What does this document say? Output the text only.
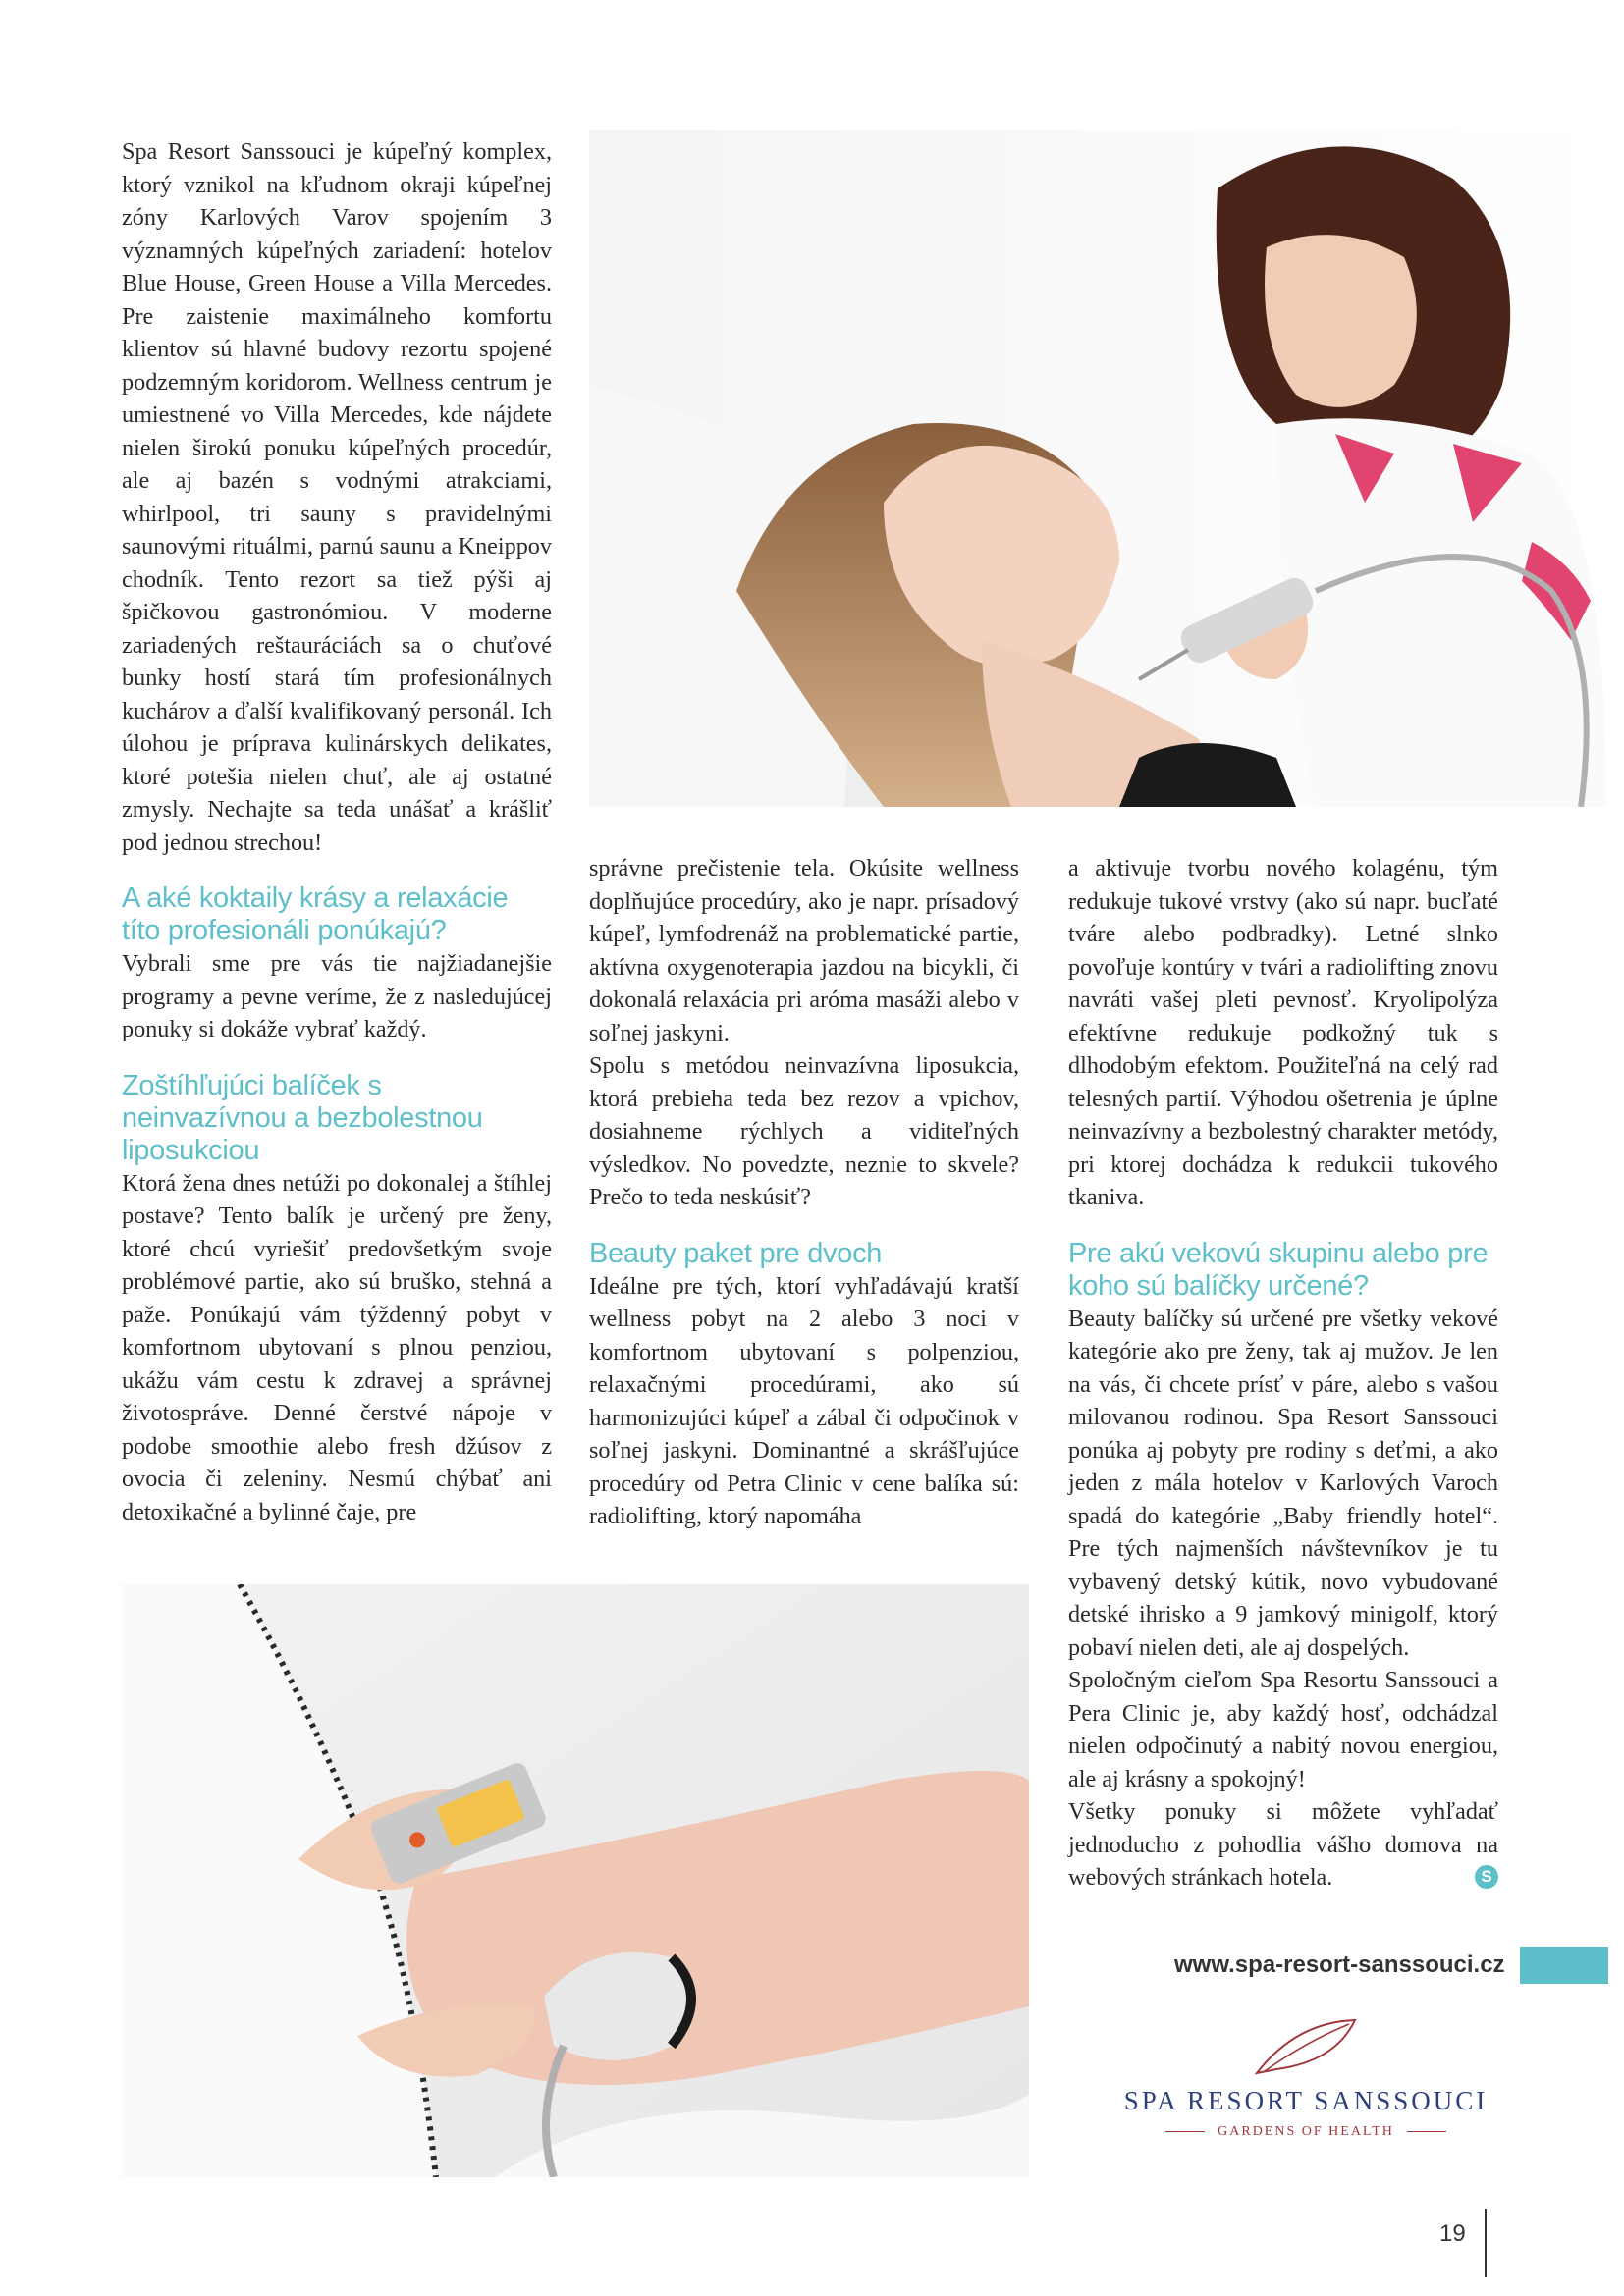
Spa Resort Sanssouci je kúpeľný komplex, ktorý vznikol na kľudnom okraji kúpeľnej zóny Karlových Varov spojením 3 významných kúpeľných zariadení: hotelov Blue House, Green House a Villa Mercedes. Pre zaistenie maximálneho komfortu klientov sú hlavné budovy rezortu spojené podzemným koridorom. Wellness centrum je umiestnené vo Villa Mercedes, kde nájdete nielen širokú ponuku kúpeľných procedúr, ale aj bazén s vodnými atrakciami, whirlpool, tri sauny s pravidelnými saunovými rituálmi, parnú saunu a Kneippov chodník. Tento rezort sa tiež pýši aj špičkovou gastronómiou. V moderne zariadených reštauráciách sa o chuťové bunky hostí stará tím profesionálnych kuchárov a ďalší kvalifikovaný personál. Ich úlohou je príprava kulinárskych delikates, ktoré potešia nielen chuť, ale aj ostatné zmysly. Nechajte sa teda unášať a krášliť pod jednou strechou!

A aké koktaily krásy a relaxácie títo profesionáli ponúkajú?

Vybrali sme pre vás tie najžiadanejšie programy a pevne veríme, že z nasledujúcej ponuky si dokáže vybrať každý.

Zoštíhľujúci balíček s neinvazívnou a bezbolestnou liposukciou

Ktorá žena dnes netúži po dokonalej a štíhlej postave? Tento balík je určený pre ženy, ktoré chcú vyriešiť predovšetkým svoje problémové partie, ako sú bruško, stehná a paže. Ponúkajú vám týždenný pobyt v komfortnom ubytovaní s plnou penziou, ukážu vám cestu k zdravej a správnej životospráve. Denné čerstvé nápoje v podobe smoothie alebo fresh džúsov z ovocia či zeleniny. Nesmú chýbať ani detoxikačné a bylinné čaje, pre

správne prečistenie tela. Okúsite wellness doplňujúce procedúry, ako je napr. prísadový kúpeľ, lymfodrenáž na problematické partie, aktívna oxygenoterapia jazdou na bicykli, či dokonalá relaxácia pri aróma masáži alebo v soľnej jaskyni.

Spolu s metódou neinvazívna liposukcia, ktorá prebieha teda bez rezov a vpichov, dosiahneme rýchlych a viditeľných výsledkov. No povedzte, neznie to skvele? Prečo to teda neskúsiť?

Beauty paket pre dvoch

Ideálne pre tých, ktorí vyhľadávajú kratší wellness pobyt na 2 alebo 3 noci v komfortnom ubytovaní s polpenziou, relaxačnými procedúrami, ako sú harmonizujúci kúpeľ a zábal či odpočinok v soľnej jaskyni. Dominantné a skrášľujúce procedúry od Petra Clinic v cene balíka sú: radiolifting, ktorý napomáha

a aktivuje tvorbu nového kolagénu, tým redukuje tukové vrstvy (ako sú napr. bucľaté tváre alebo podbradky). Letné slnko povoľuje kontúry v tvári a radiolifting znovu navráti vašej pleti pevnosť. Kryolipolýza efektívne redukuje podkožný tuk s dlhodobým efektom. Použiteľná na celý rad telesných partií. Výhodou ošetrenia je úplne neinvazívny a bezbolestný charakter metódy, pri ktorej dochádza k redukcii tukového tkaniva.

Pre akú vekovú skupinu alebo pre koho sú balíčky určené?

Beauty balíčky sú určené pre všetky vekové kategórie ako pre ženy, tak aj mužov. Je len na vás, či chcete prísť v páre, alebo s vašou milovanou rodinou. Spa Resort Sanssouci ponúka aj pobyty pre rodiny s deťmi, a ako jeden z mála hotelov v Karlových Varoch spadá do kategórie „Baby friendly hotel“. Pre tých najmenších návštevníkov je tu vybavený detský kútik, novo vybudované detské ihrisko a 9 jamkový minigolf, ktorý pobaví nielen deti, ale aj dospelých.

Spoločným cieľom Spa Resortu Sanssouci a Pera Clinic je, aby každý hosť, odchádzal nielen odpočinutý a nabitý novou energiou, ale aj krásny a spokojný!

Všetky ponuky si môžete vyhľadať jednoducho z pohodlia vášho domova na webových stránkach hotela.	S

www.spa-resort-sanssouci.cz
SPA RESORT SANSSOUCI
GARDENS OF HEALTH
19
